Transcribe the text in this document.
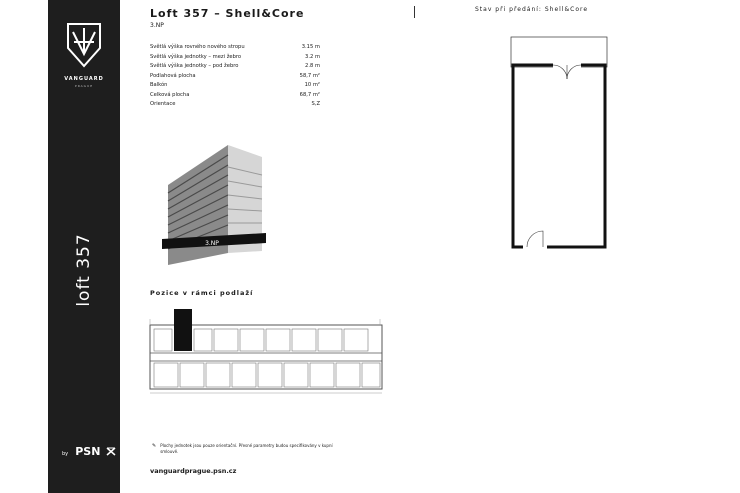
VANGUARD
PRAGUE
loft 357
by PSN
Loft 357 – Shell&Core
3.NP
Světlá výška rovného nového stropu	3.15 m
Světlá výška jednotky – mezi žebro	3.2 m
Světlá výška jednotky – pod žebro	2.8 m
Podlahová plocha	58,7 m²
Balkón	10 m²
Celková plocha	68,7 m²
Orientace	S,Z
3.NP
Pozice v rámci podlaží
✎ Plochy jednotek jsou pouze orientační. Přesné parametry budou specifikovány v kupní smlouvě.
vanguardprague.psn.cz
Stav při předání: Shell&Core
